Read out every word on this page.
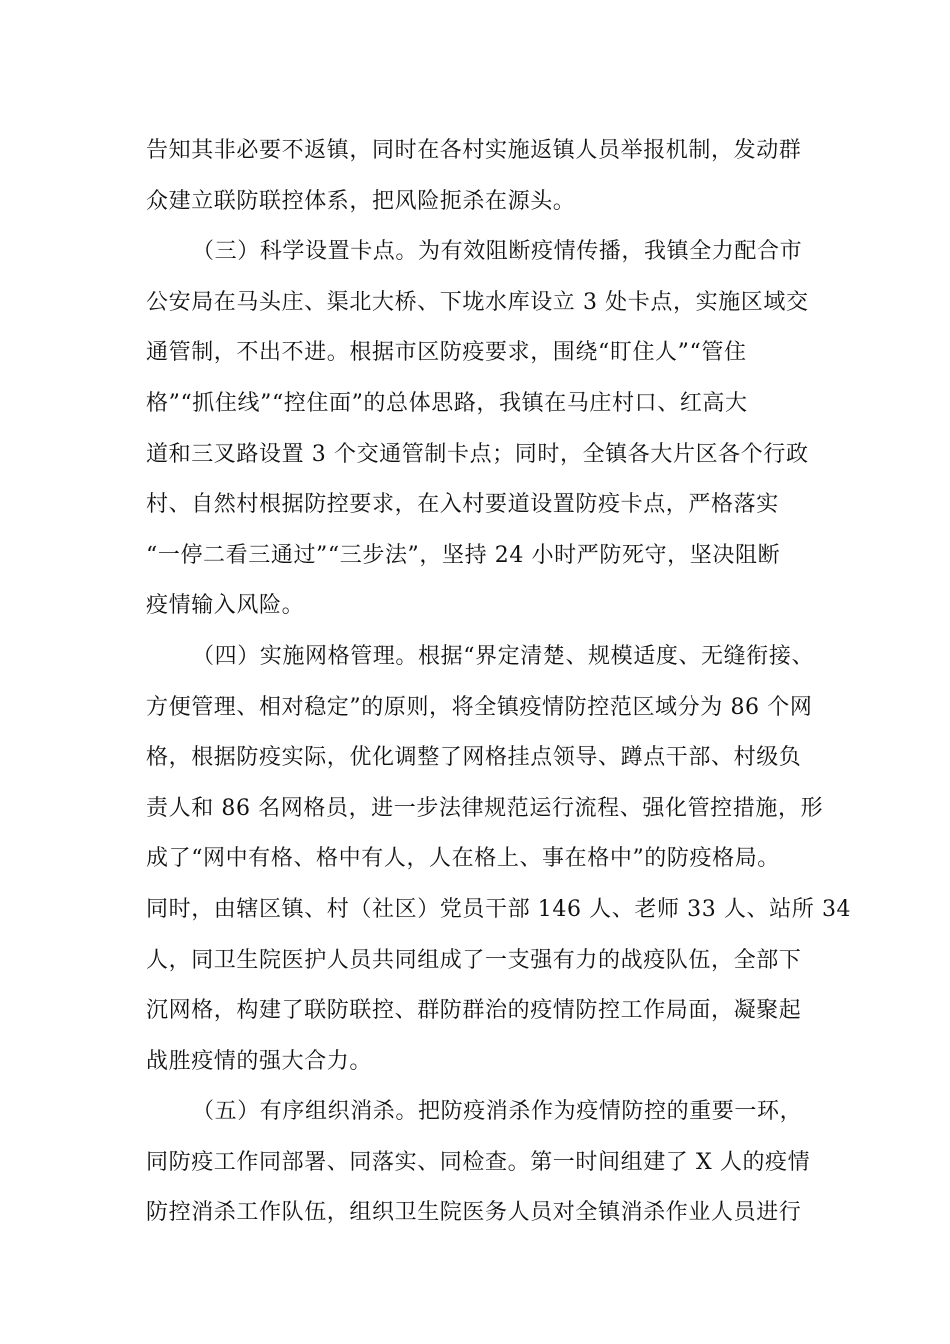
告知其非必要不返镇，同时在各村实施返镇人员举报机制，发动群
众建立联防联控体系，把风险扼杀在源头。
（三）科学设置卡点。为有效阻断疫情传播，我镇全力配合市
公安局在马头庄、渠北大桥、下垅水库设立 3 处卡点，实施区域交
通管制，不出不进。根据市区防疫要求，围绕“盯住人”“管住
格”“抓住线”“控住面”的总体思路，我镇在马庄村口、红高大
道和三叉路设置 3 个交通管制卡点；同时，全镇各大片区各个行政
村、自然村根据防控要求，在入村要道设置防疫卡点，严格落实
“一停二看三通过”“三步法”，坚持 24 小时严防死守，坚决阻断
疫情输入风险。
（四）实施网格管理。根据“界定清楚、规模适度、无缝衔接、
方便管理、相对稳定”的原则，将全镇疫情防控范区域分为 86 个网
格，根据防疫实际，优化调整了网格挂点领导、蹲点干部、村级负
责人和 86 名网格员，进一步法律规范运行流程、强化管控措施，形
成了“网中有格、格中有人，人在格上、事在格中”的防疫格局。
同时，由辖区镇、村（社区）党员干部 146 人、老师 33 人、站所 34
人，同卫生院医护人员共同组成了一支强有力的战疫队伍，全部下
沉网格，构建了联防联控、群防群治的疫情防控工作局面，凝聚起
战胜疫情的强大合力。
（五）有序组织消杀。把防疫消杀作为疫情防控的重要一环，
同防疫工作同部署、同落实、同检查。第一时间组建了 X 人的疫情
防控消杀工作队伍，组织卫生院医务人员对全镇消杀作业人员进行
